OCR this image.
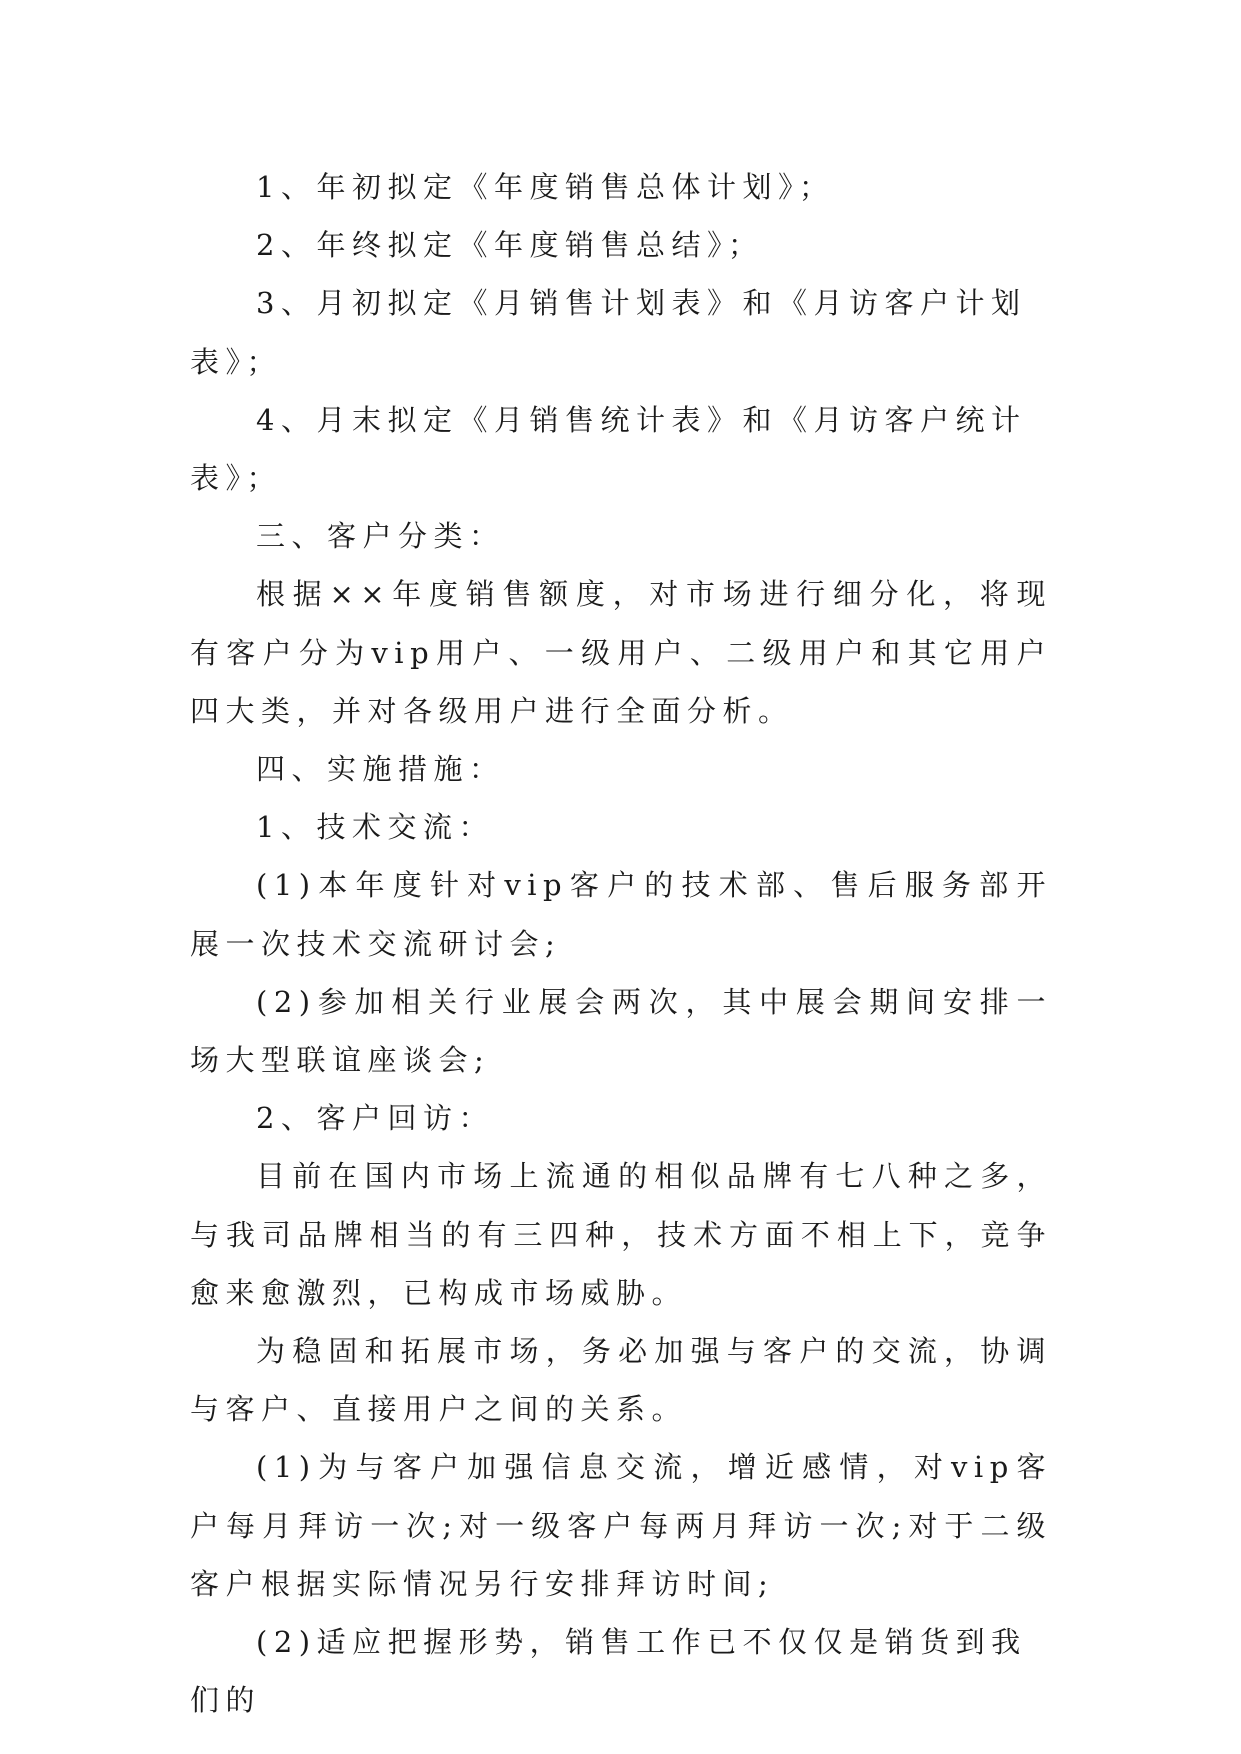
1、年初拟定《年度销售总体计划》；

2、年终拟定《年度销售总结》；

3、月初拟定《月销售计划表》和《月访客户计划表》；

4、月末拟定《月销售统计表》和《月访客户统计表》；

三、客户分类：

根据××年度销售额度，对市场进行细分化，将现有客户分为vip用户、一级用户、二级用户和其它用户四大类，并对各级用户进行全面分析。

四、实施措施：

1、技术交流：

(1)本年度针对vip客户的技术部、售后服务部开展一次技术交流研讨会;

(2)参加相关行业展会两次，其中展会期间安排一场大型联谊座谈会;

2、客户回访：

目前在国内市场上流通的相似品牌有七八种之多，与我司品牌相当的有三四种，技术方面不相上下，竞争愈来愈激烈，已构成市场威胁。

为稳固和拓展市场，务必加强与客户的交流，协调与客户、直接用户之间的关系。

(1)为与客户加强信息交流，增近感情，对vip客户每月拜访一次;对一级客户每两月拜访一次;对于二级客户根据实际情况另行安排拜访时间;

(2)适应把握形势，销售工作已不仅仅是销货到我们的
